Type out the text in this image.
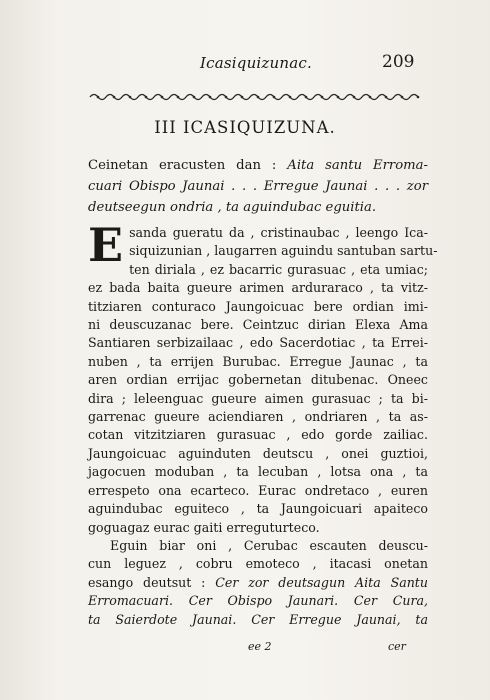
Icasiquizunac.	209
III ICASIQUIZUNA.
Ceinetan eracusten dan : Aita santu Erroma-
cuari Obispo Jaunai . . . Erregue Jaunai . . . zor
deutseegun ondria , ta aguindubac eguitia.
E sanda gueratu da , cristinaubac , leengo Ica-
siquizunian , laugarren aguindu santuban sartu-
ten diriala , ez bacarric gurasuac , eta umiac;
ez bada baita gueure arimen arduraraco , ta vitz-
titziaren conturaco Jaungoicuac bere ordian imi-
ni deuscuzanac bere. Ceintzuc dirian Elexa Ama
Santiaren serbizailaac , edo Sacerdotiac , ta Errei-
nuben , ta errijen Burubac. Erregue Jaunac , ta
aren ordian errijac gobernetan ditubenac. Oneec
dira ; leleenguac gueure aimen gurasuac ; ta bi-
garrenac gueure aciendiaren , ondriaren , ta as-
cotan vitzitziaren gurasuac , edo gorde zailiac.
Jaungoicuac aguinduten deutscu , onei guztioi,
jagocuen moduban , ta lecuban , lotsa ona , ta
errespeto ona ecarteco. Eurac ondretaco , euren
aguindubac eguiteco , ta Jaungoicuari apaiteco
goguagaz eurac gaiti erreguturteco.
Eguin biar oni , Cerubac escauten deuscu-
cun leguez , cobru emoteco , itacasi onetan
esango deutsut : Cer zor deutsagun Aita Santu
Erromacuari. Cer Obispo Jaunari. Cer Cura,
ta Saierdote Jaunai. Cer Erregue Jaunai, ta
ee 2	cer
